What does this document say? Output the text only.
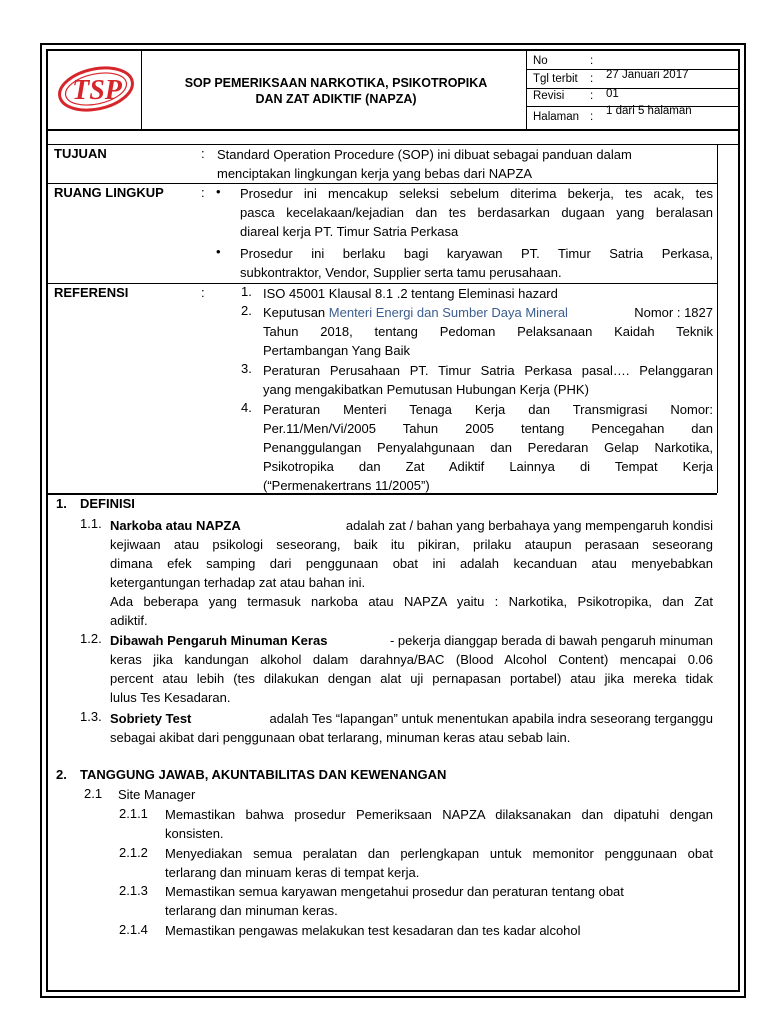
TSP	SOP PEMERIKSAAN NARKOTIKA, PSIKOTROPIKA
DAN ZAT ADIKTIF (NAPZA)
No	:
Tgl terbit : 27 Januari 2017
Revisi : 01
Halaman : 1 dari 5 halaman
TUJUAN	: Standard Operation Procedure (SOP) ini dibuat sebagai panduan dalam
menciptakan lingkungan kerja yang bebas dari NAPZA
RUANG LINGKUP	: • Prosedur ini mencakup seleksi sebelum diterima bekerja, tes acak, tes
pasca kecelakaan/kejadian dan tes berdasarkan dugaan yang beralasan
diareal kerja PT. Timur Satria Perkasa
• Prosedur ini berlaku bagi karyawan PT. Timur Satria Perkasa,
subkontraktor, Vendor, Supplier serta tamu perusahaan.
REFERENSI	:	1. ISO 45001 Klausal 8.1 .2 tentang Eleminasi hazard
2. Keputusan Menteri Energi dan Sumber Daya Mineral	Nomor : 1827
Tahun 2018, tentang Pedoman Pelaksanaan Kaidah Teknik
Pertambangan Yang Baik
3. Peraturan Perusahaan PT. Timur Satria Perkasa pasal…. Pelanggaran
yang mengakibatkan Pemutusan Hubungan Kerja (PHK)
4. Peraturan Menteri Tenaga Kerja dan Transmigrasi Nomor:
Per.11/Men/Vi/2005 Tahun 2005 tentang Pencegahan dan
Penanggulangan Penyalahgunaan dan Peredaran Gelap Narkotika,
Psikotropika dan Zat Adiktif Lainnya di Tempat Kerja
(“Permenakertrans 11/2005”)
1. DEFINISI
1.1. Narkoba atau NAPZA	adalah zat / bahan yang berbahaya yang mempengaruh kondisi
kejiwaan atau psikologi seseorang, baik itu pikiran, prilaku ataupun perasaan seseorang
dimana efek samping dari penggunaan obat ini adalah kecanduan atau menyebabkan
ketergantungan terhadap zat atau bahan ini.
Ada beberapa yang termasuk narkoba atau NAPZA yaitu : Narkotika, Psikotropika, dan Zat
adiktif.
1.2. Dibawah Pengaruh Minuman Keras	- pekerja dianggap berada di bawah pengaruh minuman
keras jika kandungan alkohol dalam darahnya/BAC (Blood Alcohol Content) mencapai 0.06
percent atau lebih (tes dilakukan dengan alat uji pernapasan portabel) atau jika mereka tidak
lulus Tes Kesadaran.
1.3. Sobriety Test	adalah Tes “lapangan” untuk menentukan apabila indra seseorang terganggu
sebagai akibat dari penggunaan obat terlarang, minuman keras atau sebab lain.
2. TANGGUNG JAWAB, AKUNTABILITAS DAN KEWENANGAN
2.1 Site Manager
2.1.1 Memastikan bahwa prosedur Pemeriksaan NAPZA dilaksanakan dan dipatuhi dengan
konsisten.
2.1.2 Menyediakan semua peralatan dan perlengkapan untuk memonitor penggunaan obat
terlarang dan minuam keras di tempat kerja.
2.1.3 Memastikan semua karyawan mengetahui prosedur dan peraturan tentang obat
terlarang dan minuman keras.
2.1.4 Memastikan pengawas melakukan test kesadaran dan tes kadar alcohol
